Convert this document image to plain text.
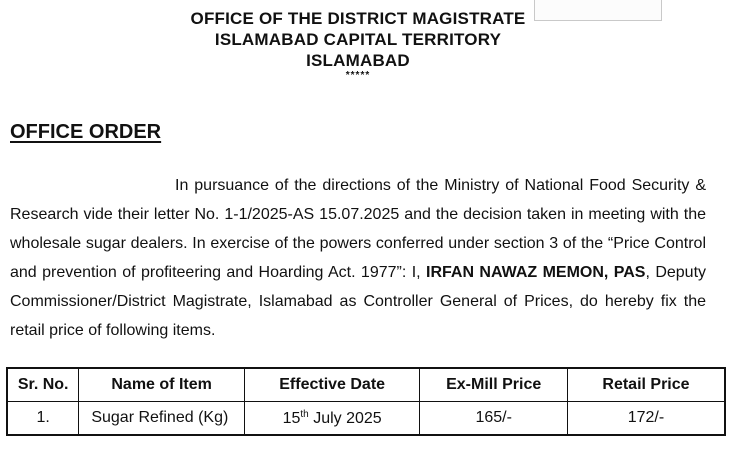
OFFICE OF THE DISTRICT MAGISTRATE
ISLAMABAD CAPITAL TERRITORY
ISLAMABAD
*****
OFFICE ORDER

In pursuance of the directions of the Ministry of National Food Security & Research vide their letter No. 1-1/2025-AS 15.07.2025 and the decision taken in meeting with the wholesale sugar dealers. In exercise of the powers conferred under section 3 of the “Price Control and prevention of profiteering and Hoarding Act. 1977”: I, IRFAN NAWAZ MEMON, PAS, Deputy Commissioner/District Magistrate, Islamabad as Controller General of Prices, do hereby fix the retail price of following items.

Sr. No.	Name of Item	Effective Date	Ex-Mill Price	Retail Price
1.	Sugar Refined (Kg)	15th July 2025	165/-	172/-
